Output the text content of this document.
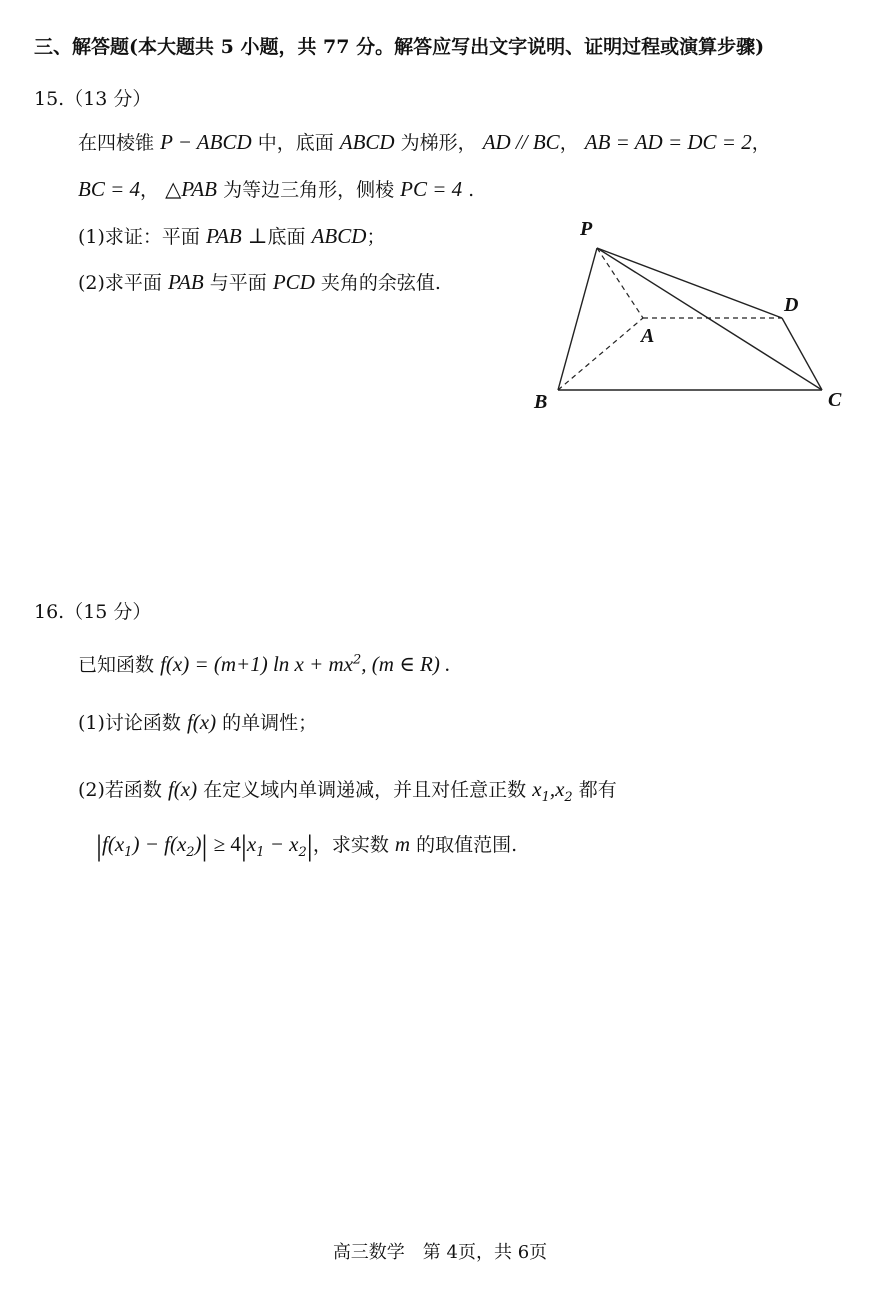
三、解答题(本大题共 5 小题，共 77 分。解答应写出文字说明、证明过程或演算步骤)
15.（13 分）
在四棱锥 P − ABCD 中，底面 ABCD 为梯形， AD // BC， AB = AD = DC = 2，
BC = 4， △PAB 为等边三角形，侧棱 PC = 4 .
(1)求证：平面 PAB ⊥底面 ABCD；
(2)求平面 PAB 与平面 PCD 夹角的余弦值.
P
A
B	C
D
16.（15 分）
已知函数 f(x) = (m+1) $\ln x + mx^2$, (m ∈ R) .
(1)讨论函数 f(x) 的单调性；
(2)若函数 f(x) 在定义域内单调递减，并且对任意正数 $x_1,x_2$ 都有
$|f(x_1) - f(x_2)| \ge 4|x_1 - x_2|$，求实数 m 的取值范围.
高三数学　第 4页，共 6页
